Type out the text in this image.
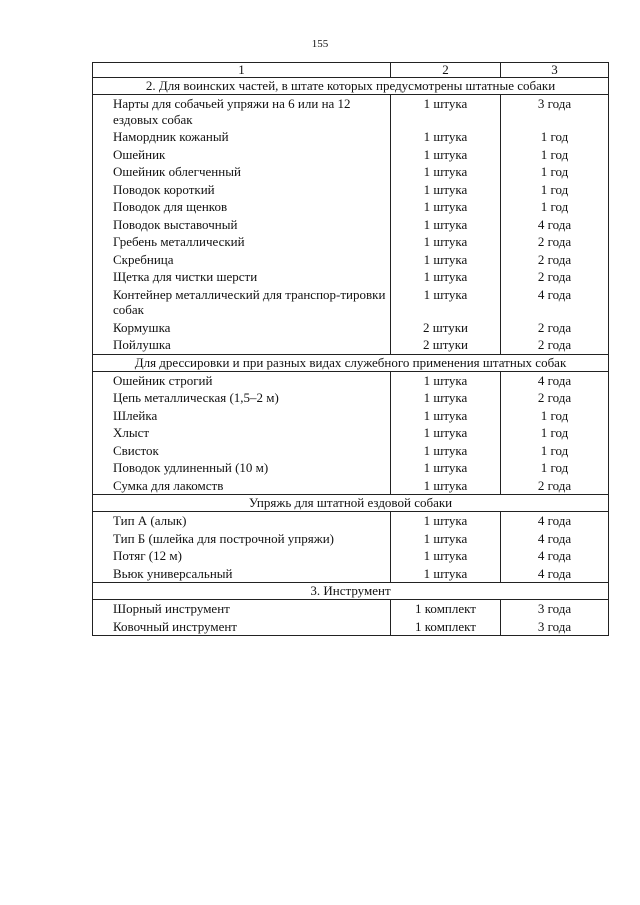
155
1	2	3
2. Для воинских частей, в штате которых предусмотрены штатные собаки		
Нарты для собачьей упряжи на 6 или на 12 ездовых собак	1 штука	3 года
Намордник кожаный	1 штука	1 год
Ошейник	1 штука	1 год
Ошейник облегченный	1 штука	1 год
Поводок короткий	1 штука	1 год
Поводок для щенков	1 штука	1 год
Поводок выставочный	1 штука	4 года
Гребень металлический	1 штука	2 года
Скребница	1 штука	2 года
Щетка для чистки шерсти	1 штука	2 года
Контейнер металлический для транспор-тировки собак	1 штука	4 года
Кормушка	2 штуки	2 года
Пойлушка	2 штуки	2 года
Для дрессировки и при разных видах служебного применения штатных собак		
Ошейник строгий	1 штука	4 года
Цепь металлическая (1,5–2 м)	1 штука	2 года
Шлейка	1 штука	1 год
Хлыст	1 штука	1 год
Свисток	1 штука	1 год
Поводок удлиненный (10 м)	1 штука	1 год
Сумка для лакомств	1 штука	2 года
Упряжь для штатной ездовой собаки		
Тип А (алык)	1 штука	4 года
Тип Б (шлейка для построчной упряжи)	1 штука	4 года
Потяг (12 м)	1 штука	4 года
Вьюк универсальный	1 штука	4 года
3. Инструмент		
Шорный инструмент	1 комплект	3 года
Ковочный инструмент	1 комплект	3 года
